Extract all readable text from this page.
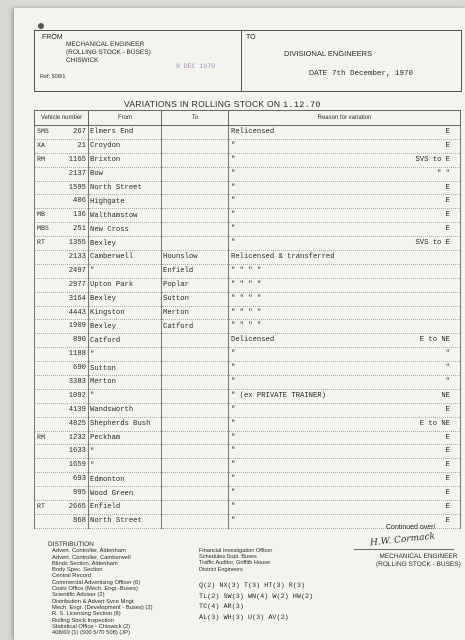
FROM
MECHANICAL ENGINEER
(ROLLING STOCK - BUSES)
CHISWICK
Ref: 508/1
9 DEC 1970
TO
DIVISIONAL ENGINEERS
DATE 7th December, 1970
VARIATIONS IN ROLLING STOCK ON 1.12.70
Vehicle number	From	To	Reason for variation

SMS 267	Elmers End		Relicensed E

XA 21	Croydon		" E

RM 1165	Brixton		" SVS to E

2137	Bow		" " "

1595	North Street		" E

406	Highgate		" E

MB 136	Walthamstow		" E

MBS 251	New Cross		" E

RT 1355	Bexley		" SVS to E

2133	Camberwell	Hounslow	Relicensed & transferred

2497	"	Enfield	" " " "

2977	Upton Park	Poplar	" " " "

3164	Bexley	Sutton	" " " "

4443	Kingston	Merton	" " " "

1909	Bexley	Catford	" " " "

890	Catford		Delicensed E to NE

1188	"		" "

690	Sutton		" "

3383	Merton		" "

1092	"		" (ex PRIVATE TRAINER) NE

4139	Wandsworth		" E

4825	Shepherds Bush		" E to NE

RM 1232	Peckham		" E

1633	"		" E

1659	"		" E

693	Edmonton		" E

995	Wood Green		" E

RT 2665	Enfield		" E

868	North Street		" E
Continued over/
H.W. Cormack
MECHANICAL ENGINEER
(ROLLING STOCK - BUSES)
DISTRIBUTION
Advert. Controller, Aldenham
Advert. Controller, Camberwell
Blinds Section, Aldenham
Body Spec. Section
Central Record
Commercial Advertising Officer (6)
Costs Office (Mech. Engr.-Buses)
Scientific Adviser (2)
Distribution & Advert Svce Mngt
Mech. Engr. (Development - Buses) (2)
R. S. Licensing Section (8)
Rolling Stock Inspection
Statistical Office - Chiswick (2)
408/69 (1) (500 5/70 508) (JP)
Financial Investigation Officer
Schedules Supt. Buses
Traffic Auditor, Griffith House
District Engineers
Q(2) NX(3) T(3) HT(3) R(3)
TL(2) SW(3) WN(4) W(2) HW(2)
TC(4) AR(3)
AL(3) WH(3) U(3) AV(2)
